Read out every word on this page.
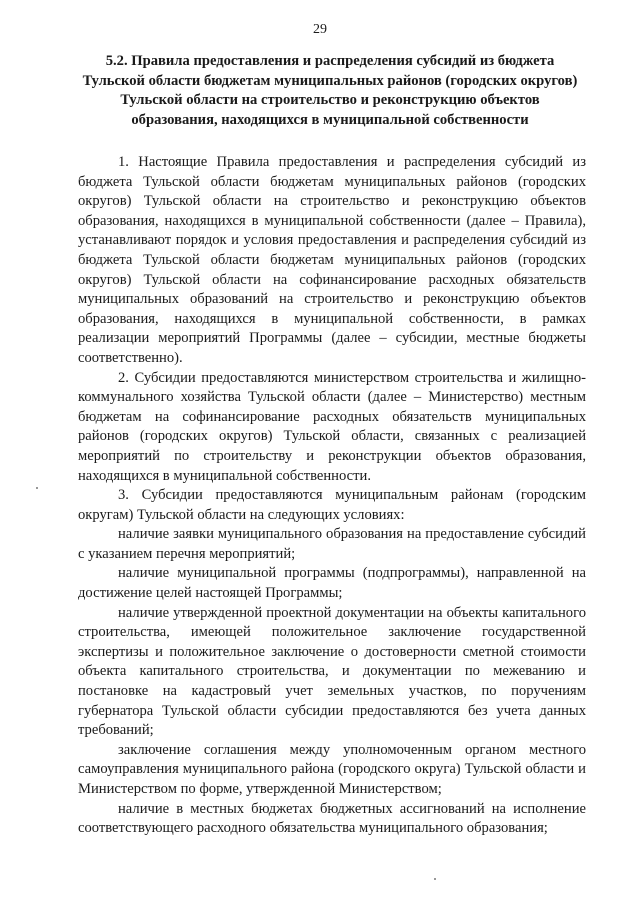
29
5.2. Правила предоставления и распределения субсидий из бюджета Тульской области бюджетам муниципальных районов (городских округов) Тульской области на строительство и реконструкцию объектов образования, находящихся в муниципальной собственности

1. Настоящие Правила предоставления и распределения субсидий из бюджета Тульской области бюджетам муниципальных районов (городских округов) Тульской области на строительство и реконструкцию объектов образования, находящихся в муниципальной собственности (далее – Правила), устанавливают порядок и условия предоставления и распределения субсидий из бюджета Тульской области бюджетам муниципальных районов (городских округов) Тульской области на софинансирование расходных обязательств муниципальных образований на строительство и реконструкцию объектов образования, находящихся в муниципальной собственности, в рамках реализации мероприятий Программы (далее – субсидии, местные бюджеты соответственно).

2. Субсидии предоставляются министерством строительства и жилищно-коммунального хозяйства Тульской области (далее – Министерство) местным бюджетам на софинансирование расходных обязательств муниципальных районов (городских округов) Тульской области, связанных с реализацией мероприятий по строительству и реконструкции объектов образования, находящихся в муниципальной собственности.

3. Субсидии предоставляются муниципальным районам (городским округам) Тульской области на следующих условиях:

наличие заявки муниципального образования на предоставление субсидий с указанием перечня мероприятий;

наличие муниципальной программы (подпрограммы), направленной на достижение целей настоящей Программы;

наличие утвержденной проектной документации на объекты капитального строительства, имеющей положительное заключение государственной экспертизы и положительное заключение о достоверности сметной стоимости объекта капитального строительства, и документации по межеванию и постановке на кадастровый учет земельных участков, по поручениям губернатора Тульской области субсидии предоставляются без учета данных требований;

заключение соглашения между уполномоченным органом местного самоуправления муниципального района (городского округа) Тульской области и Министерством по форме, утвержденной Министерством;

наличие в местных бюджетах бюджетных ассигнований на исполнение соответствующего расходного обязательства муниципального образования;
